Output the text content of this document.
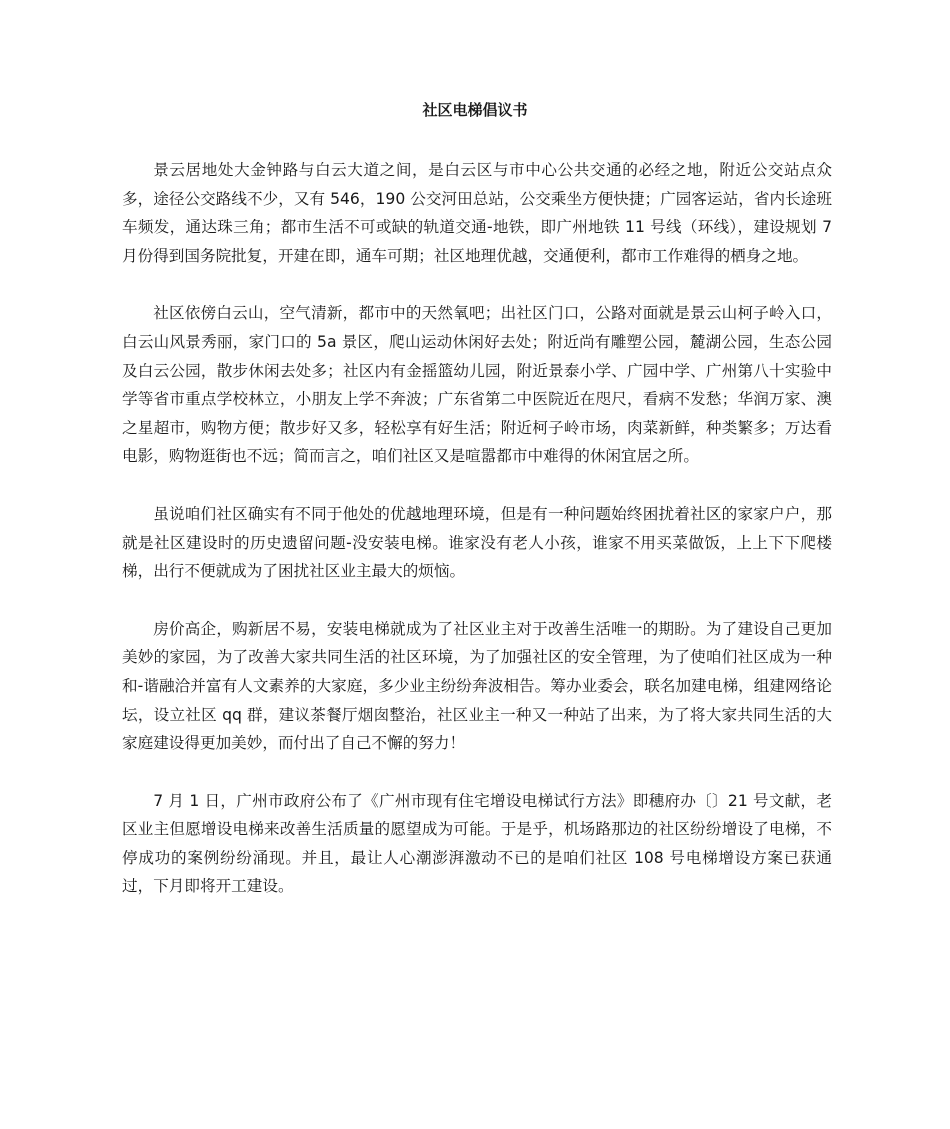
社区电梯倡议书

景云居地处大金钟路与白云大道之间，是白云区与市中心公共交通的必经之地，附近公交站点众多，途径公交路线不少，又有 546，190 公交河田总站，公交乘坐方便快捷；广园客运站，省内长途班车频发，通达珠三角；都市生活不可或缺的轨道交通-地铁，即广州地铁 11 号线（环线），建设规划 7 月份得到国务院批复，开建在即，通车可期；社区地理优越，交通便利，都市工作难得的栖身之地。

社区依傍白云山，空气清新，都市中的天然氧吧；出社区门口，公路对面就是景云山柯子岭入口，白云山风景秀丽，家门口的 5a 景区，爬山运动休闲好去处；附近尚有雕塑公园，麓湖公园，生态公园及白云公园，散步休闲去处多；社区内有金摇篮幼儿园，附近景泰小学、广园中学、广州第八十实验中学等省市重点学校林立，小朋友上学不奔波；广东省第二中医院近在咫尺，看病不发愁；华润万家、澳之星超市，购物方便；散步好又多，轻松享有好生活；附近柯子岭市场，肉菜新鲜，种类繁多；万达看电影，购物逛街也不远；简而言之，咱们社区又是喧嚣都市中难得的休闲宜居之所。

虽说咱们社区确实有不同于他处的优越地理环境，但是有一种问题始终困扰着社区的家家户户，那就是社区建设时的历史遗留问题-没安装电梯。谁家没有老人小孩，谁家不用买菜做饭，上上下下爬楼梯，出行不便就成为了困扰社区业主最大的烦恼。

房价高企，购新居不易，安装电梯就成为了社区业主对于改善生活唯一的期盼。为了建设自己更加美妙的家园，为了改善大家共同生活的社区环境，为了加强社区的安全管理，为了使咱们社区成为一种和-谐融洽并富有人文素养的大家庭，多少业主纷纷奔波相告。筹办业委会，联名加建电梯，组建网络论坛，设立社区 qq 群，建议茶餐厅烟囱整治，社区业主一种又一种站了出来，为了将大家共同生活的大家庭建设得更加美妙，而付出了自己不懈的努力！

7 月 1 日，广州市政府公布了《广州市现有住宅增设电梯试行方法》即穗府办〔〕21 号文献，老区业主但愿增设电梯来改善生活质量的愿望成为可能。于是乎，机场路那边的社区纷纷增设了电梯，不停成功的案例纷纷涌现。并且，最让人心潮澎湃激动不已的是咱们社区 108 号电梯增设方案已获通过，下月即将开工建设。
